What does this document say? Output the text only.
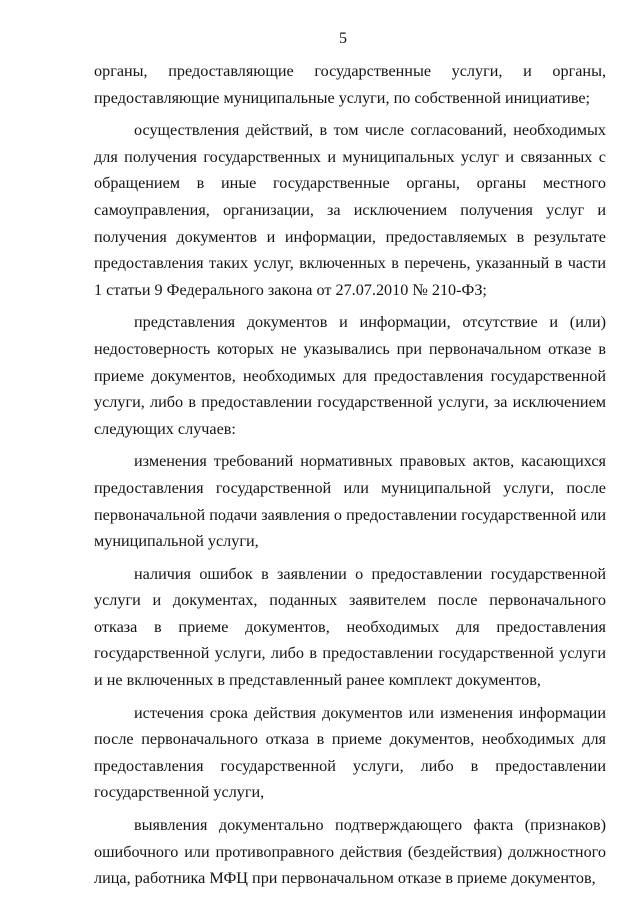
5

органы, предоставляющие государственные услуги, и органы, предоставляющие муниципальные услуги, по собственной инициативе;

осуществления действий, в том числе согласований, необходимых для получения государственных и муниципальных услуг и связанных с обращением в иные государственные органы, органы местного самоуправления, организации, за исключением получения услуг и получения документов и информации, предоставляемых в результате предоставления таких услуг, включенных в перечень, указанный в части 1 статьи 9 Федерального закона от 27.07.2010 № 210-ФЗ;

представления документов и информации, отсутствие и (или) недостоверность которых не указывались при первоначальном отказе в приеме документов, необходимых для предоставления государственной услуги, либо в предоставлении государственной услуги, за исключением следующих случаев:

изменения требований нормативных правовых актов, касающихся предоставления государственной или муниципальной услуги, после первоначальной подачи заявления о предоставлении государственной или муниципальной услуги,

наличия ошибок в заявлении о предоставлении государственной услуги и документах, поданных заявителем после первоначального отказа в приеме документов, необходимых для предоставления государственной услуги, либо в предоставлении государственной услуги и не включенных в представленный ранее комплект документов,

истечения срока действия документов или изменения информации после первоначального отказа в приеме документов, необходимых для предоставления государственной услуги, либо в предоставлении государственной услуги,

выявления документально подтверждающего факта (признаков) ошибочного или противоправного действия (бездействия) должностного лица, работника МФЦ при первоначальном отказе в приеме документов,
